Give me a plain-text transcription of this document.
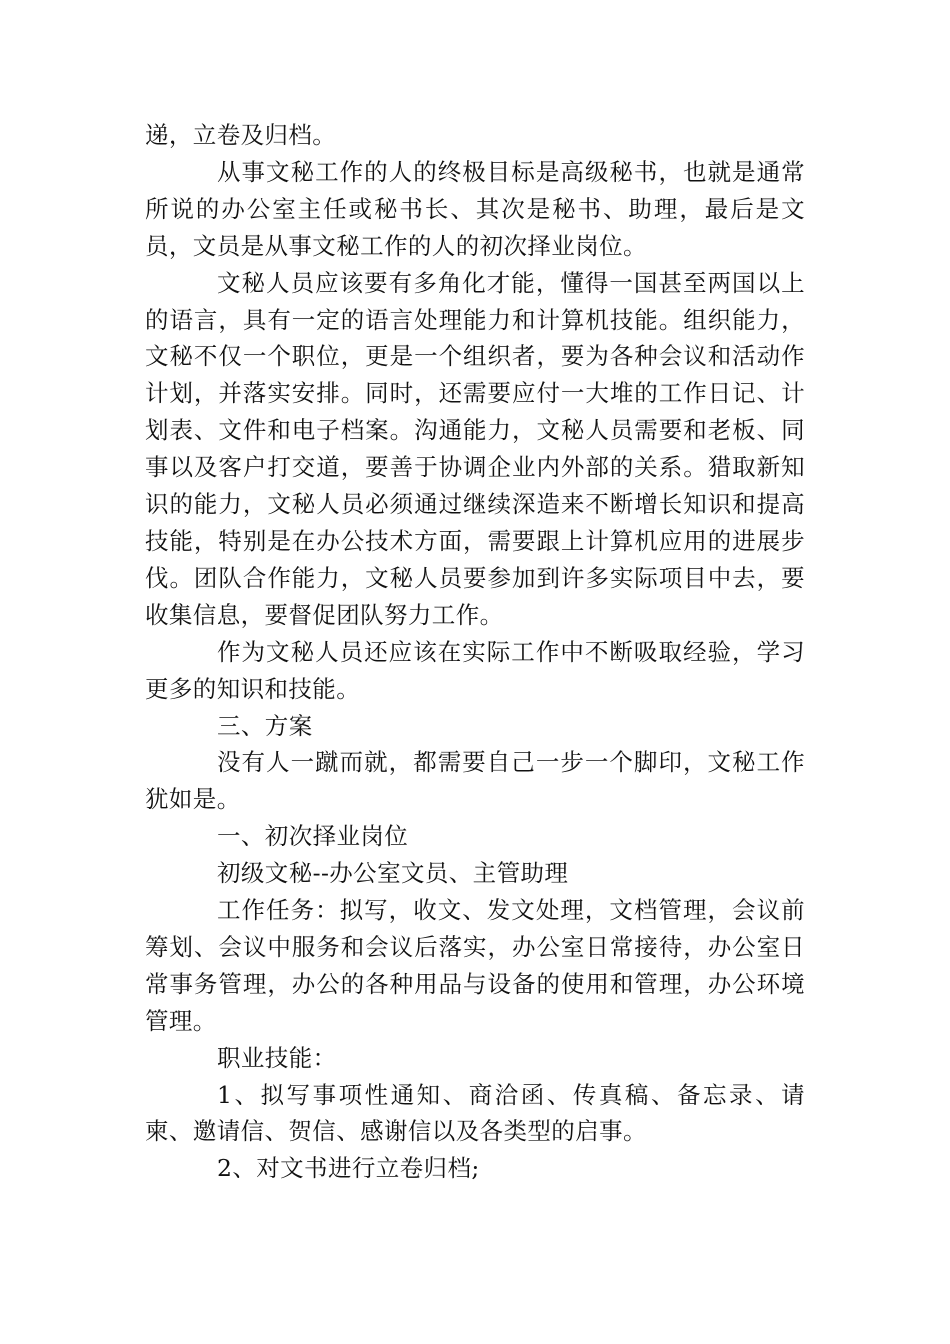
递，立卷及归档。

从事文秘工作的人的终极目标是高级秘书，也就是通常所说的办公室主任或秘书长、其次是秘书、助理，最后是文员，文员是从事文秘工作的人的初次择业岗位。

文秘人员应该要有多角化才能，懂得一国甚至两国以上的语言，具有一定的语言处理能力和计算机技能。组织能力，文秘不仅一个职位，更是一个组织者，要为各种会议和活动作计划，并落实安排。同时，还需要应付一大堆的工作日记、计划表、文件和电子档案。沟通能力，文秘人员需要和老板、同事以及客户打交道，要善于协调企业内外部的关系。猎取新知识的能力，文秘人员必须通过继续深造来不断增长知识和提高技能，特别是在办公技术方面，需要跟上计算机应用的进展步伐。团队合作能力，文秘人员要参加到许多实际项目中去，要收集信息，要督促团队努力工作。

作为文秘人员还应该在实际工作中不断吸取经验，学习更多的知识和技能。

三、方案

没有人一蹴而就，都需要自己一步一个脚印，文秘工作犹如是。

一、初次择业岗位

初级文秘--办公室文员、主管助理

工作任务：拟写，收文、发文处理，文档管理，会议前筹划、会议中服务和会议后落实，办公室日常接待，办公室日常事务管理，办公的各种用品与设备的使用和管理，办公环境管理。

职业技能：

1、拟写事项性通知、商洽函、传真稿、备忘录、请柬、邀请信、贺信、感谢信以及各类型的启事。

2、对文书进行立卷归档;
